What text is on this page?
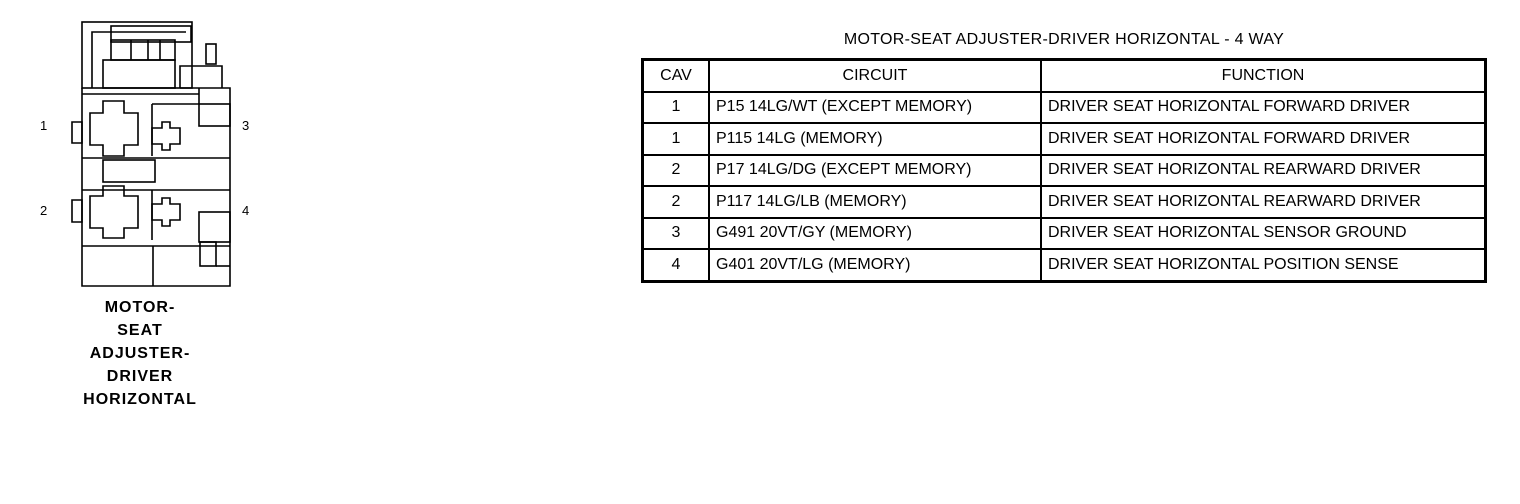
1
2
3
4
MOTOR-
SEAT
ADJUSTER-
DRIVER
HORIZONTAL
MOTOR-SEAT ADJUSTER-DRIVER HORIZONTAL - 4 WAY
CAV	CIRCUIT	FUNCTION
1	P15 14LG/WT (EXCEPT MEMORY)	DRIVER SEAT HORIZONTAL FORWARD DRIVER
1	P115 14LG (MEMORY)	DRIVER SEAT HORIZONTAL FORWARD DRIVER
2	P17 14LG/DG (EXCEPT MEMORY)	DRIVER SEAT HORIZONTAL REARWARD DRIVER
2	P117 14LG/LB (MEMORY)	DRIVER SEAT HORIZONTAL REARWARD DRIVER
3	G491 20VT/GY (MEMORY)	DRIVER SEAT HORIZONTAL SENSOR GROUND
4	G401 20VT/LG (MEMORY)	DRIVER SEAT HORIZONTAL POSITION SENSE
